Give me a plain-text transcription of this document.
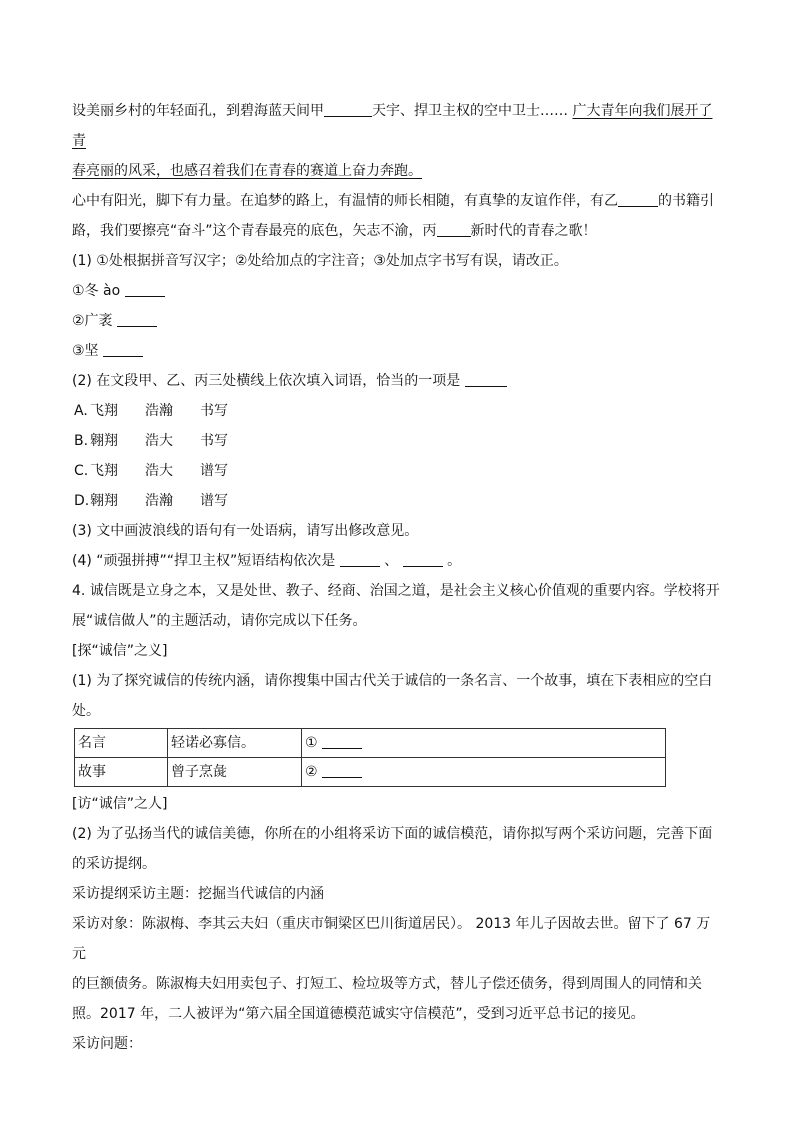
设美丽乡村的年轻面孔，到碧海蓝天间甲	天宇、捍卫主权的空中卫士…… 广大青年向我们展开了青

春亮丽的风采，也感召着我们在青春的赛道上奋力奔跑。

心中有阳光，脚下有力量。在追梦的路上，有温情的师长相随，有真挚的友谊作伴，有乙	的书籍引

路，我们要擦亮“奋斗”这个青春最亮的底色，矢志不渝，丙 新时代的青春之歌！

(1) ①处根据拼音写汉字；②处给加点的字注音；③处加点字书写有误，请改正。

①冬 ào

②广袤

③坚

(2) 在文段甲、乙、丙三处横线上依次填入词语，恰当的一项是

A. 飞翔 浩瀚 书写

B. 翱翔 浩大 书写

C. 飞翔 浩大 谱写

D.翱翔 浩瀚 谱写

(3) 文中画波浪线的语句有一处语病，请写出修改意见。

(4) “顽强拼搏”“捍卫主权”短语结构依次是	、	。

4. 诚信既是立身之本，又是处世、教子、经商、治国之道，是社会主义核心价值观的重要内容。学校将开

展“诚信做人”的主题活动，请你完成以下任务。

[探“诚信”之义]

(1) 为了探究诚信的传统内涵，请你搜集中国古代关于诚信的一条名言、一个故事，填在下表相应的空白

处。

名言	轻诺必寡信。	①
故事	曾子烹彘	②

[访“诚信”之人]

(2) 为了弘扬当代的诚信美德，你所在的小组将采访下面的诚信模范，请你拟写两个采访问题，完善下面

的采访提纲。

采访提纲采访主题：挖掘当代诚信的内涵

采访对象：陈淑梅、李其云夫妇（重庆市铜梁区巴川街道居民）。 2013 年儿子因故去世。留下了 67 万元

的巨额债务。陈淑梅夫妇用卖包子、打短工、检垃圾等方式，替儿子偿还债务，得到周围人的同情和关

照。2017 年，二人被评为“第六届全国道德模范诚实守信模范”，受到习近平总书记的接见。

采访问题：
